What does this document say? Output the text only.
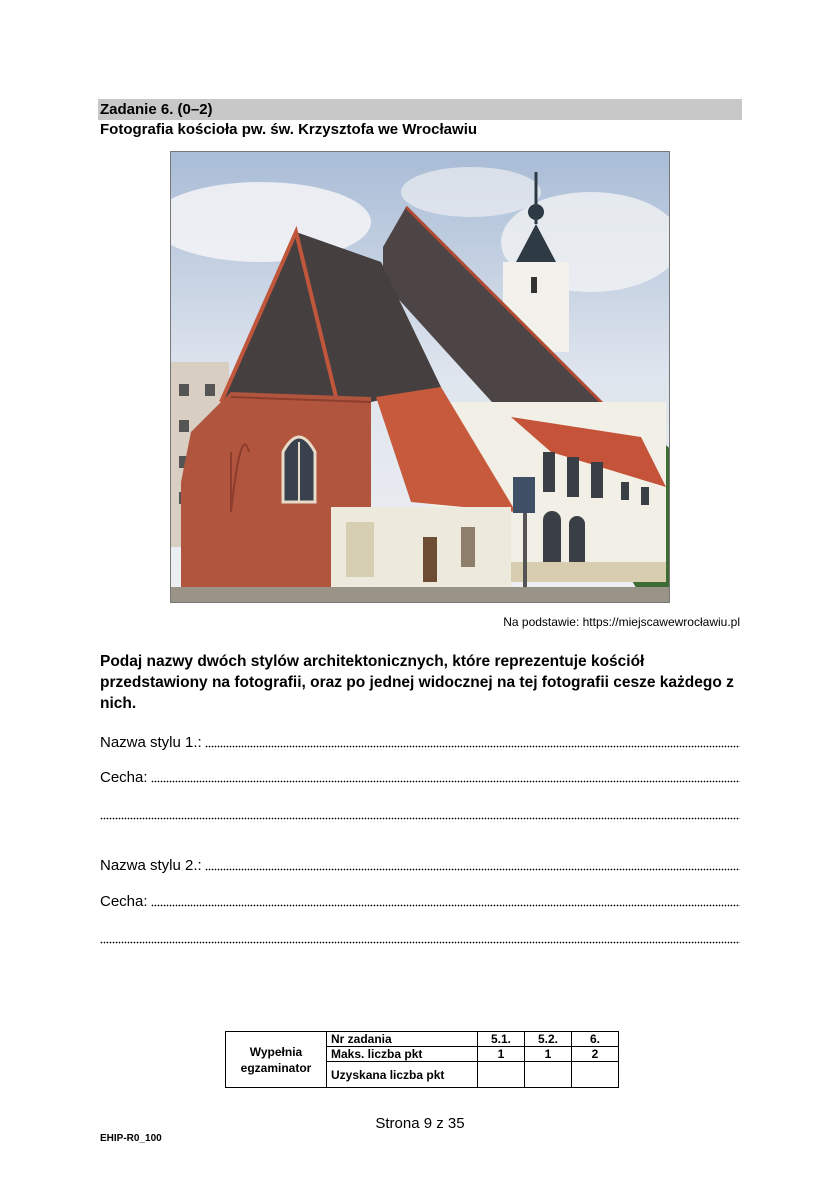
Zadanie 6. (0–2)
Fotografia kościoła pw. św. Krzysztofa we Wrocławiu
Na podstawie: https://miejscawewrocławiu.pl
Podaj nazwy dwóch stylów architektonicznych, które reprezentuje kościół przedstawiony na fotografii, oraz po jednej widocznej na tej fotografii cesze każdego z nich.
Nazwa stylu 1.:
Cecha:
Nazwa stylu 2.:
Cecha:
Wypełnia egzaminator	Nr zadania	5.1.	5.2.	6.
	Maks. liczba pkt	1	1	2
	Uzyskana liczba pkt			
Strona 9 z 35
EHIP-R0_100
